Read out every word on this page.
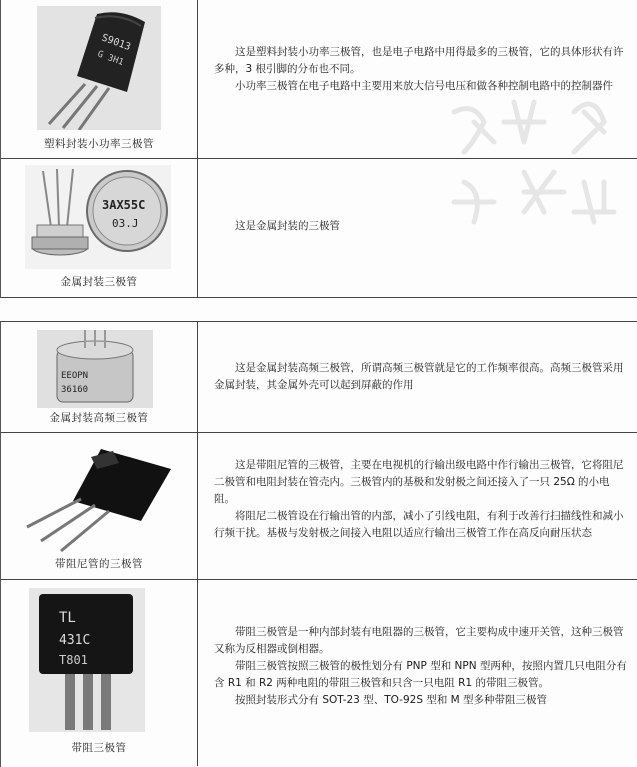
S9013
G 3H1
塑料封装小功率三极管

这是塑料封装小功率三极管，也是电子电路中用得最多的三极管，它的具体形状有许多种，3 根引脚的分布也不同。

小功率三极管在电子电路中主要用来放大信号电压和做各种控制电路中的控制器件

3AX55C
03.J
金属封装三极管

这是金属封装的三极管

EEOPN
36160
金属封装高频三极管

这是金属封装高频三极管，所谓高频三极管就是它的工作频率很高。高频三极管采用金属封装，其金属外壳可以起到屏蔽的作用

带阻尼管的三极管

这是带阻尼管的三极管，主要在电视机的行输出级电路中作行输出三极管，它将阻尼二极管和电阻封装在管壳内。三极管内的基极和发射极之间还接入了一只 25Ω 的小电阻。

将阻尼二极管设在行输出管的内部，减小了引线电阻，有利于改善行扫描线性和减小行频干扰。基极与发射极之间接入电阻以适应行输出三极管工作在高反向耐压状态

TL
431C
T801
带阻三极管

带阻三极管是一种内部封装有电阻器的三极管，它主要构成中速开关管，这种三极管又称为反相器或倒相器。

带阻三极管按照三极管的极性划分有 PNP 型和 NPN 型两种，按照内置几只电阻分有含 R1 和 R2 两种电阻的带阻三极管和只含一只电阻 R1 的带阻三极管。

按照封装形式分有 SOT-23 型、TO-92S 型和 M 型多种带阻三极管
